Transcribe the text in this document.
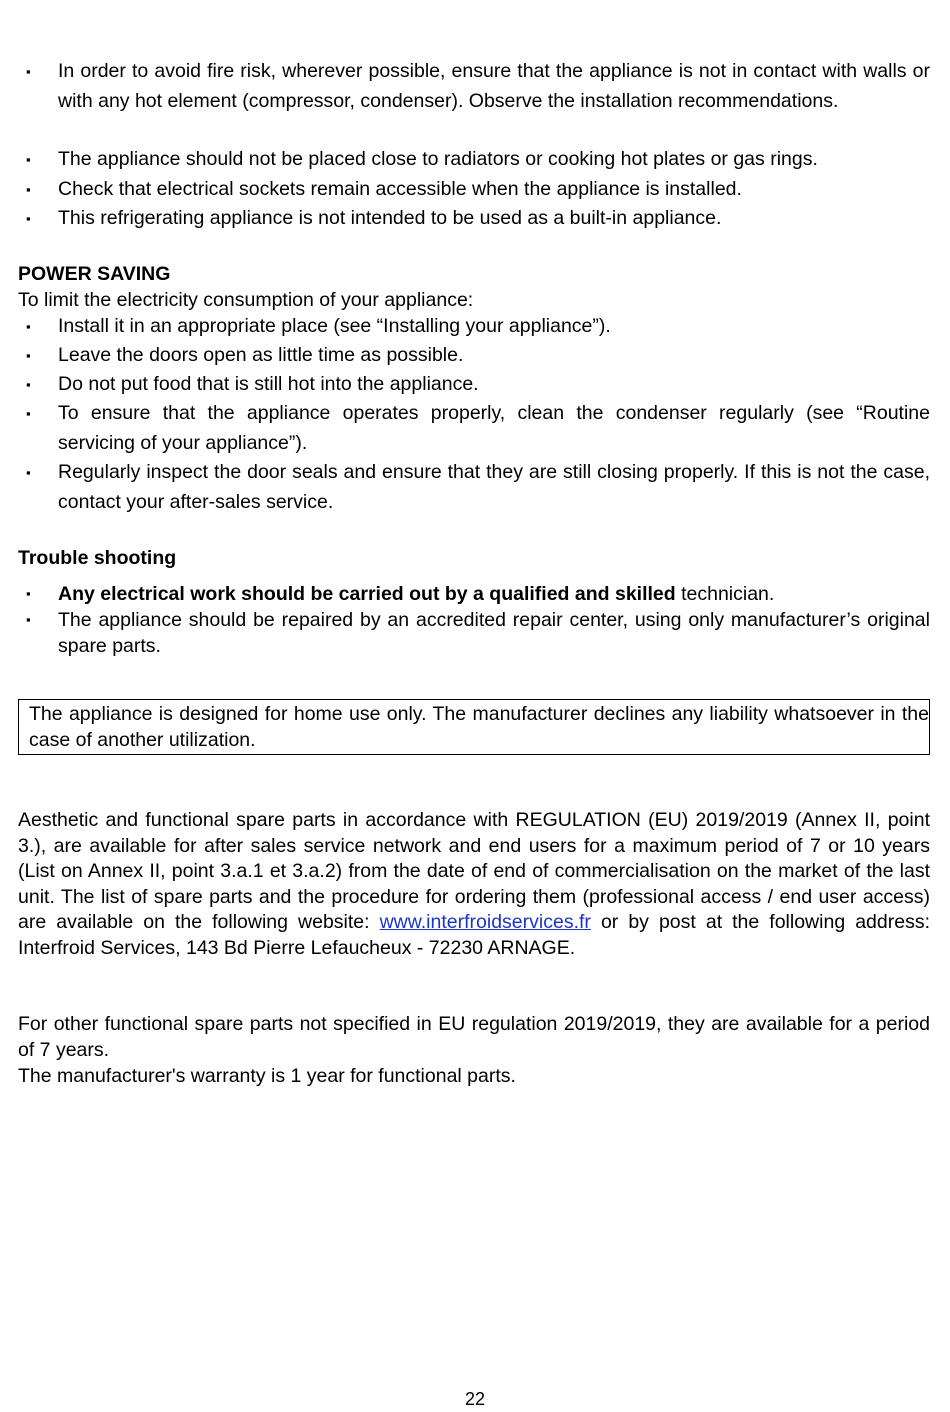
▪ In order to avoid fire risk, wherever possible, ensure that the appliance is not in contact with walls or with any hot element (compressor, condenser). Observe the installation recommendations.
▪ The appliance should not be placed close to radiators or cooking hot plates or gas rings.
▪ Check that electrical sockets remain accessible when the appliance is installed.
▪ This refrigerating appliance is not intended to be used as a built-in appliance.
POWER SAVING
To limit the electricity consumption of your appliance:
▪ Install it in an appropriate place (see “Installing your appliance”).
▪ Leave the doors open as little time as possible.
▪ Do not put food that is still hot into the appliance.
▪ To ensure that the appliance operates properly, clean the condenser regularly (see “Routine servicing of your appliance”).
▪ Regularly inspect the door seals and ensure that they are still closing properly. If this is not the case, contact your after-sales service.
Trouble shooting
▪ Any electrical work should be carried out by a qualified and skilled technician.
▪ The appliance should be repaired by an accredited repair center, using only manufacturer’s original spare parts.
The appliance is designed for home use only. The manufacturer declines any liability whatsoever in the case of another utilization.
Aesthetic and functional spare parts in accordance with REGULATION (EU) 2019/2019 (Annex II, point 3.), are available for after sales service network and end users for a maximum period of 7 or 10 years (List on Annex II, point 3.a.1 et 3.a.2) from the date of end of commercialisation on the market of the last unit. The list of spare parts and the procedure for ordering them (professional access / end user access) are available on the following website: www.interfroidservices.fr or by post at the following address: Interfroid Services, 143 Bd Pierre Lefaucheux - 72230 ARNAGE.
For other functional spare parts not specified in EU regulation 2019/2019, they are available for a period of 7 years.
The manufacturer's warranty is 1 year for functional parts.
22
